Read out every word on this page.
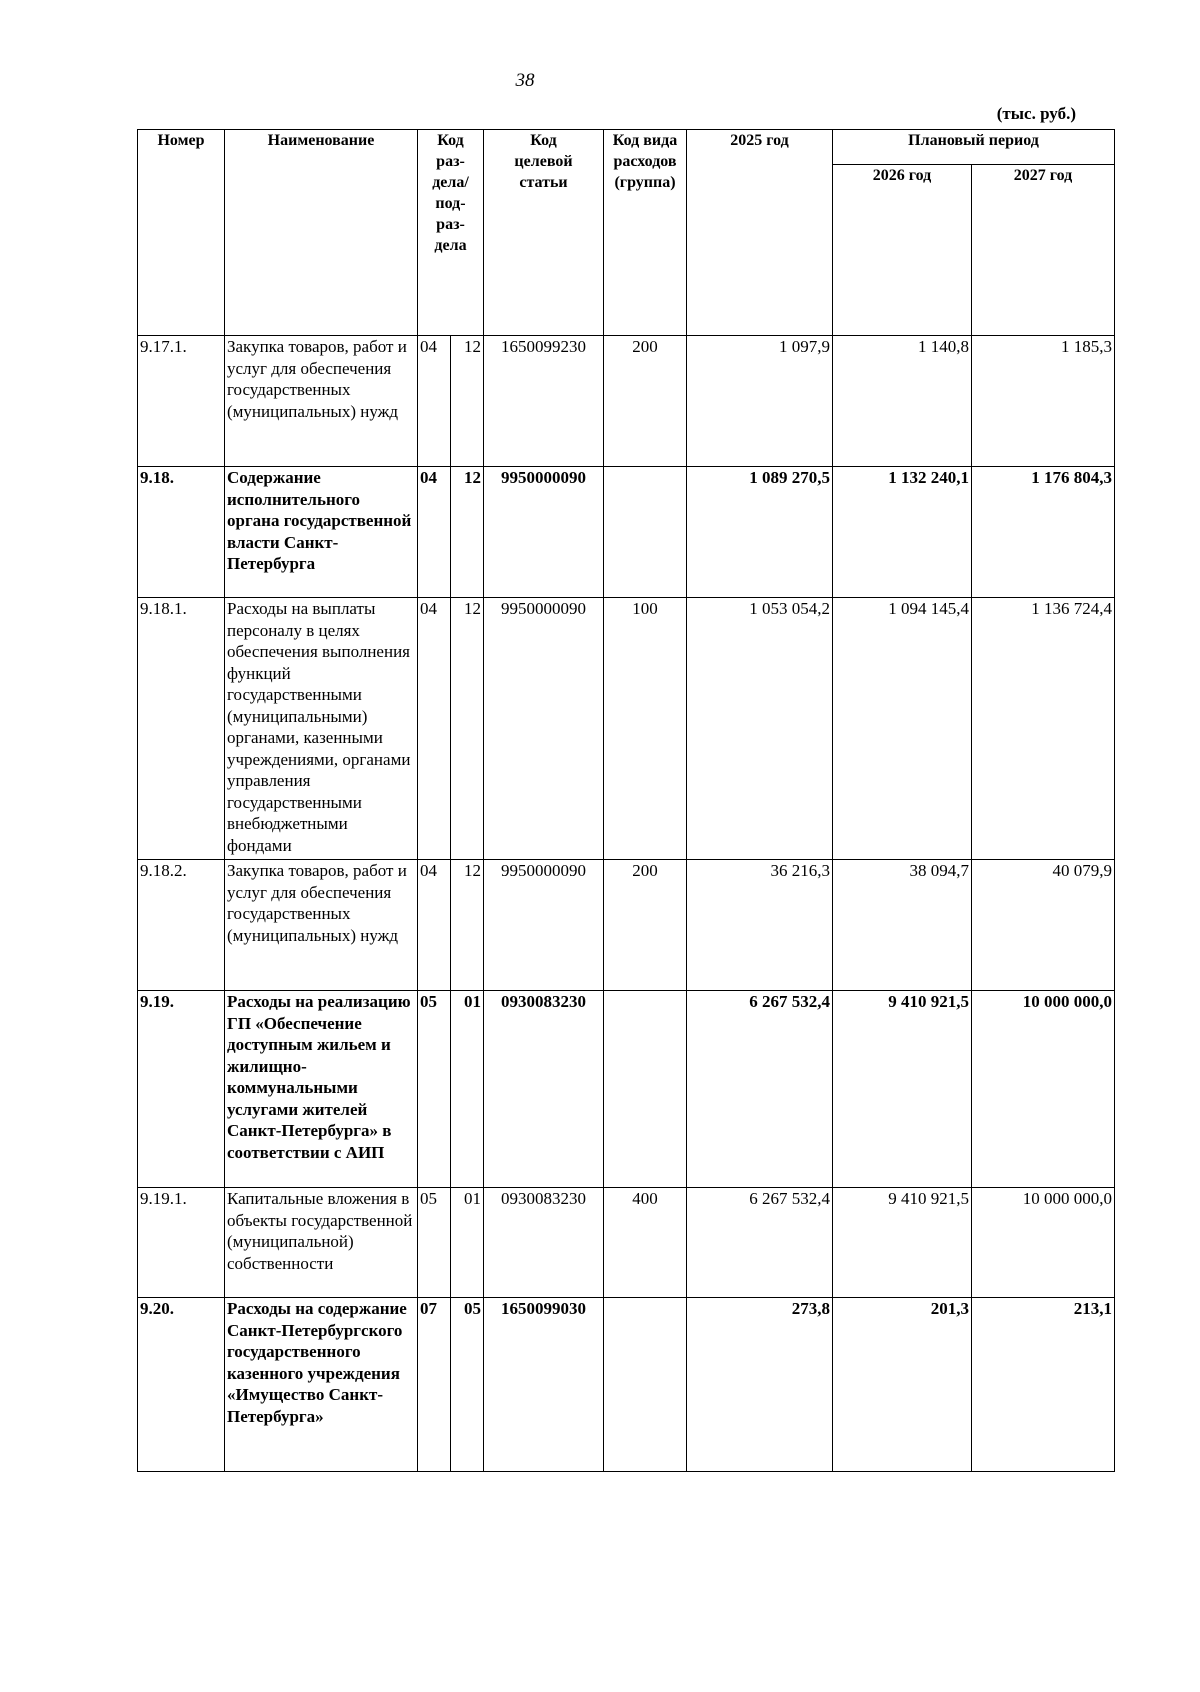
38
(тыс. руб.)
Номер	Наименование	Код раз-дела/ под-раз-дела		Код целевой статьи	Код вида расходов (группа)	2025 год	Плановый период	
							2026 год	2027 год
9.17.1.	Закупка товаров, работ и услуг для обеспечения государственных (муниципальных) нужд	04	12	1650099230	200	1 097,9	1 140,8	1 185,3
9.18.	Содержание исполнительного органа государственной власти Санкт-Петербурга	04	12	9950000090		1 089 270,5	1 132 240,1	1 176 804,3
9.18.1.	Расходы на выплаты персоналу в целях обеспечения выполнения функций государственными (муниципальными) органами, казенными учреждениями, органами управления государственными внебюджетными фондами	04	12	9950000090	100	1 053 054,2	1 094 145,4	1 136 724,4
9.18.2.	Закупка товаров, работ и услуг для обеспечения государственных (муниципальных) нужд	04	12	9950000090	200	36 216,3	38 094,7	40 079,9
9.19.	Расходы на реализацию ГП «Обеспечение доступным жильем и жилищно-коммунальными услугами жителей Санкт-Петербурга» в соответствии с АИП	05	01	0930083230		6 267 532,4	9 410 921,5	10 000 000,0
9.19.1.	Капитальные вложения в объекты государственной (муниципальной) собственности	05	01	0930083230	400	6 267 532,4	9 410 921,5	10 000 000,0
9.20.	Расходы на содержание Санкт-Петербургского государственного казенного учреждения «Имущество Санкт-Петербурга»	07	05	1650099030		273,8	201,3	213,1
